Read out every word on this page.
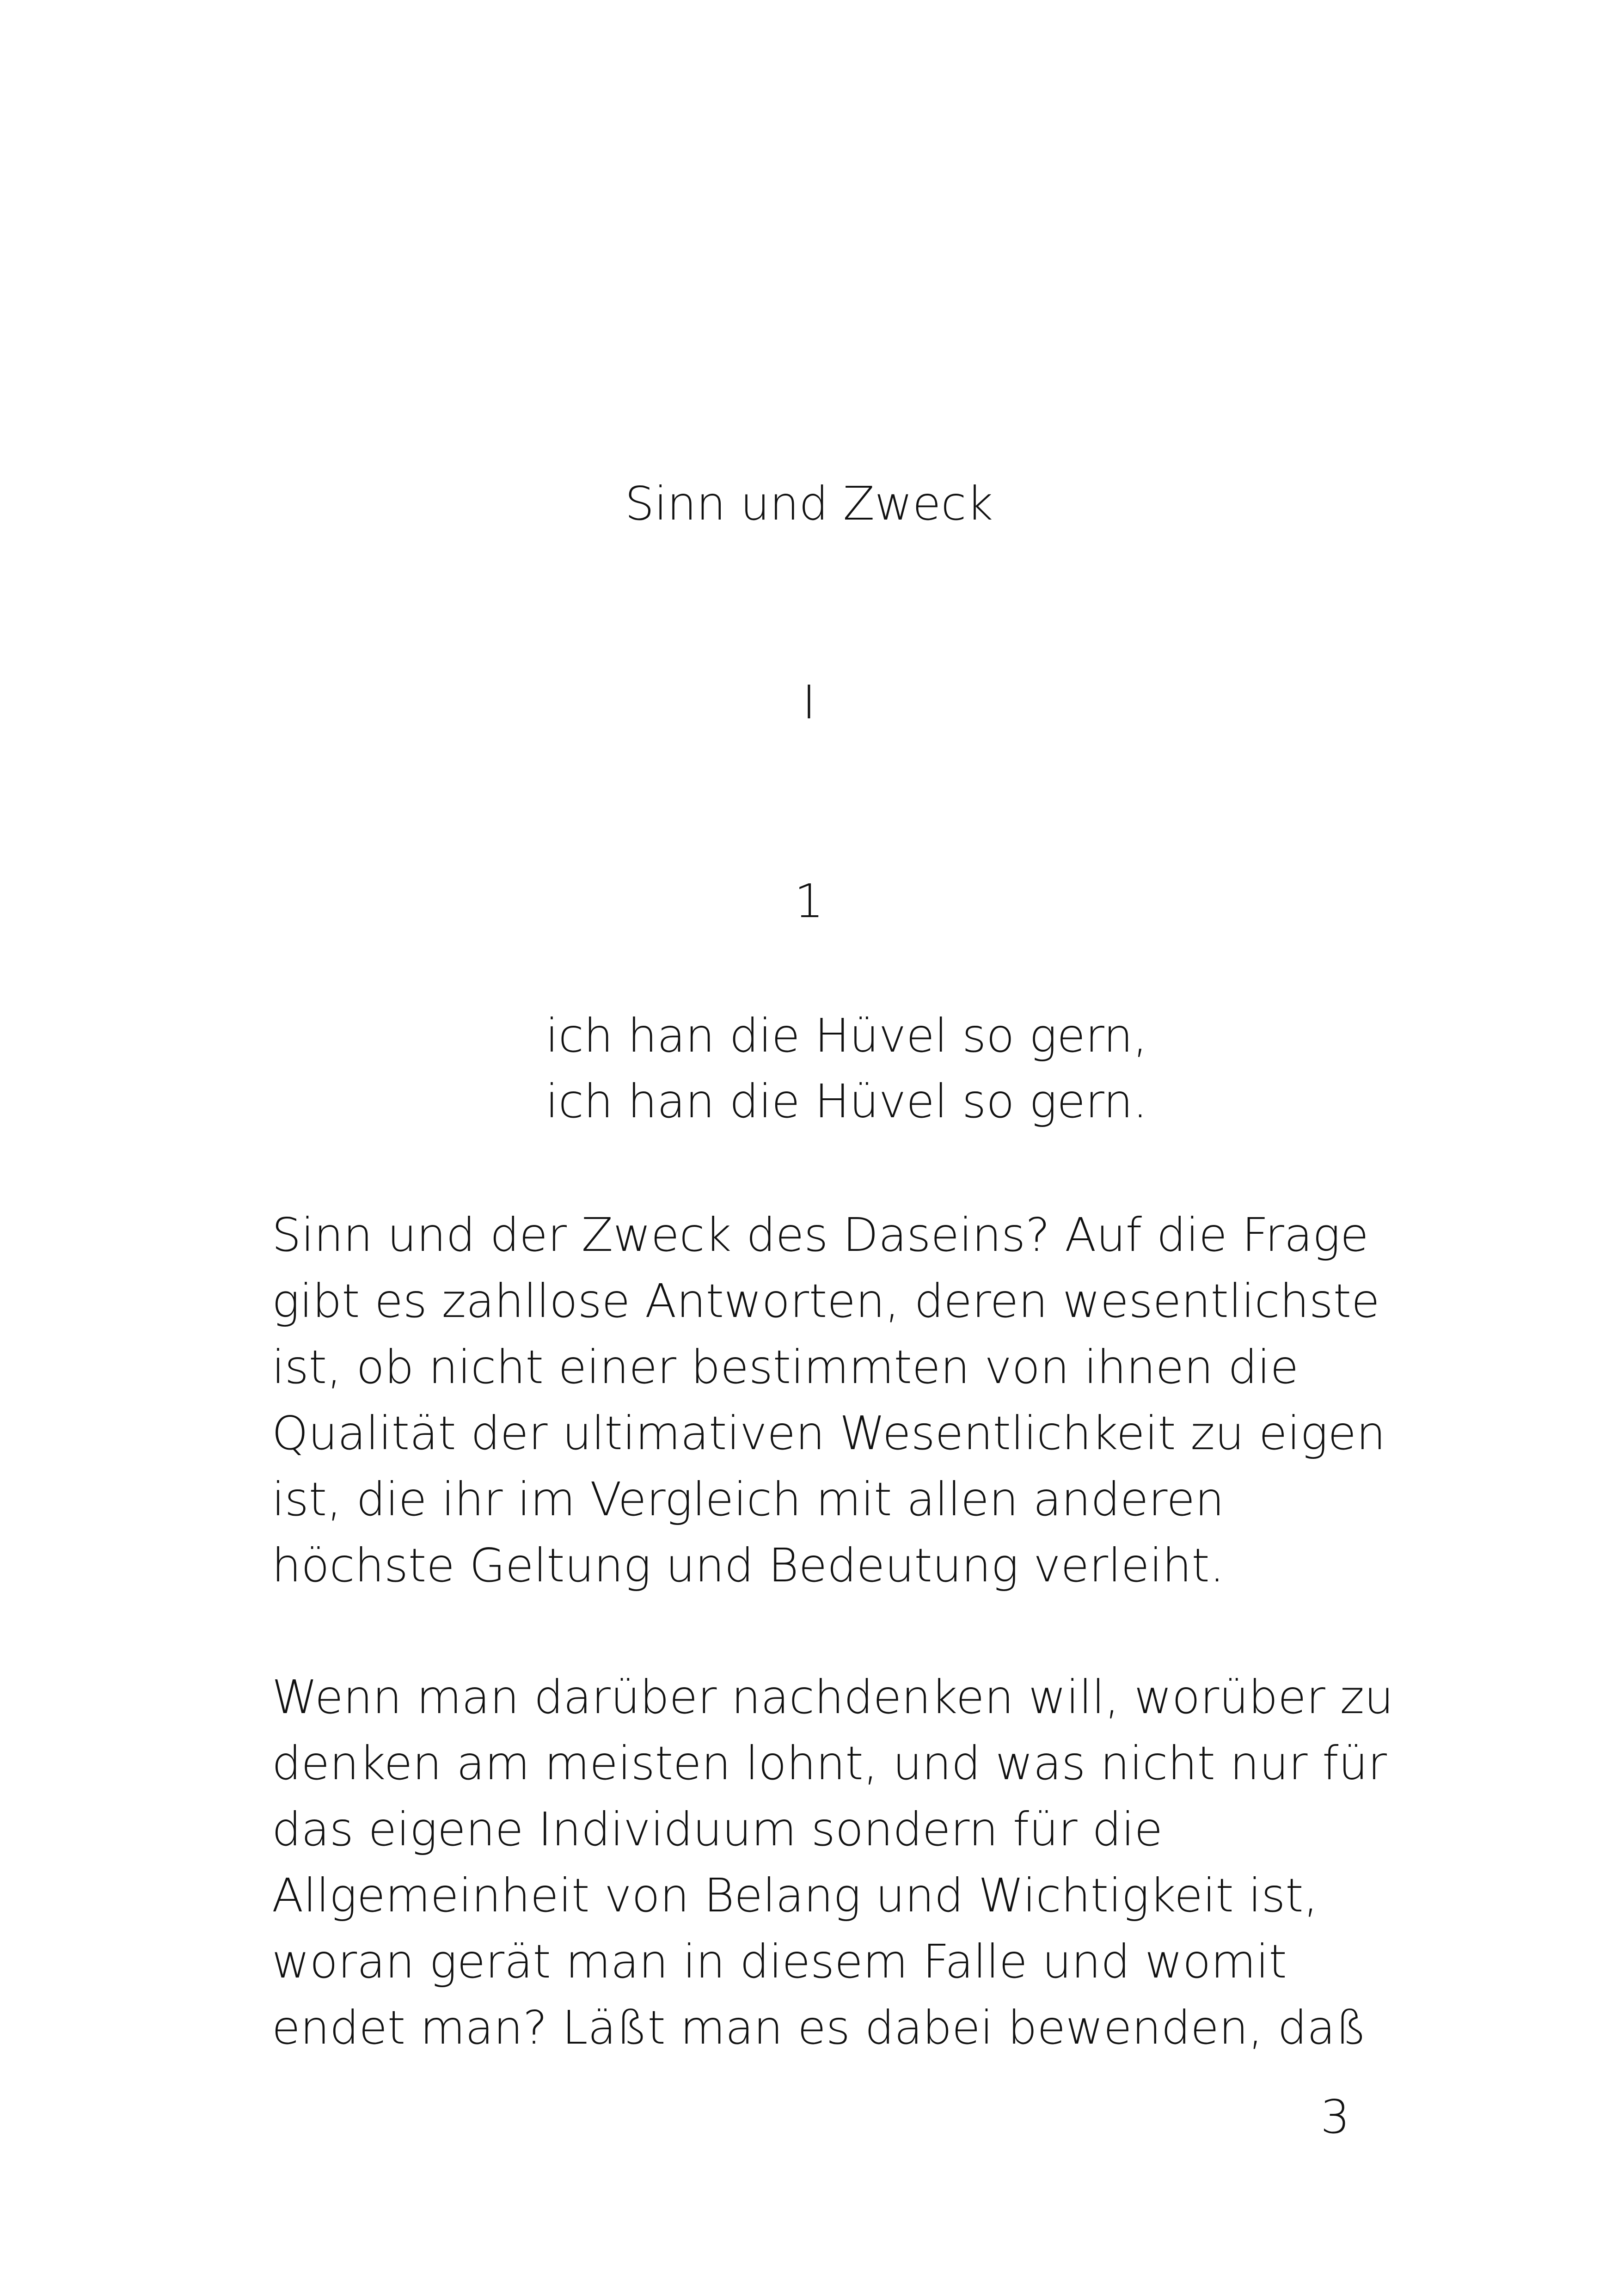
Sinn und Zweck
I
1
ich han die Hüvel so gern,
ich han die Hüvel so gern.
Sinn und der Zweck des Daseins? Auf die Frage
gibt es zahllose Antworten, deren wesentlichste
ist, ob nicht einer bestimmten von ihnen die
Qualität der ultimativen Wesentlichkeit zu eigen
ist, die ihr im Vergleich mit allen anderen
höchste Geltung und Bedeutung verleiht.
Wenn man darüber nachdenken will, worüber zu
denken am meisten lohnt, und was nicht nur für
das eigene Individuum sondern für die
Allgemeinheit von Belang und Wichtigkeit ist,
woran gerät man in diesem Falle und womit
endet man? Läßt man es dabei bewenden, daß
3
